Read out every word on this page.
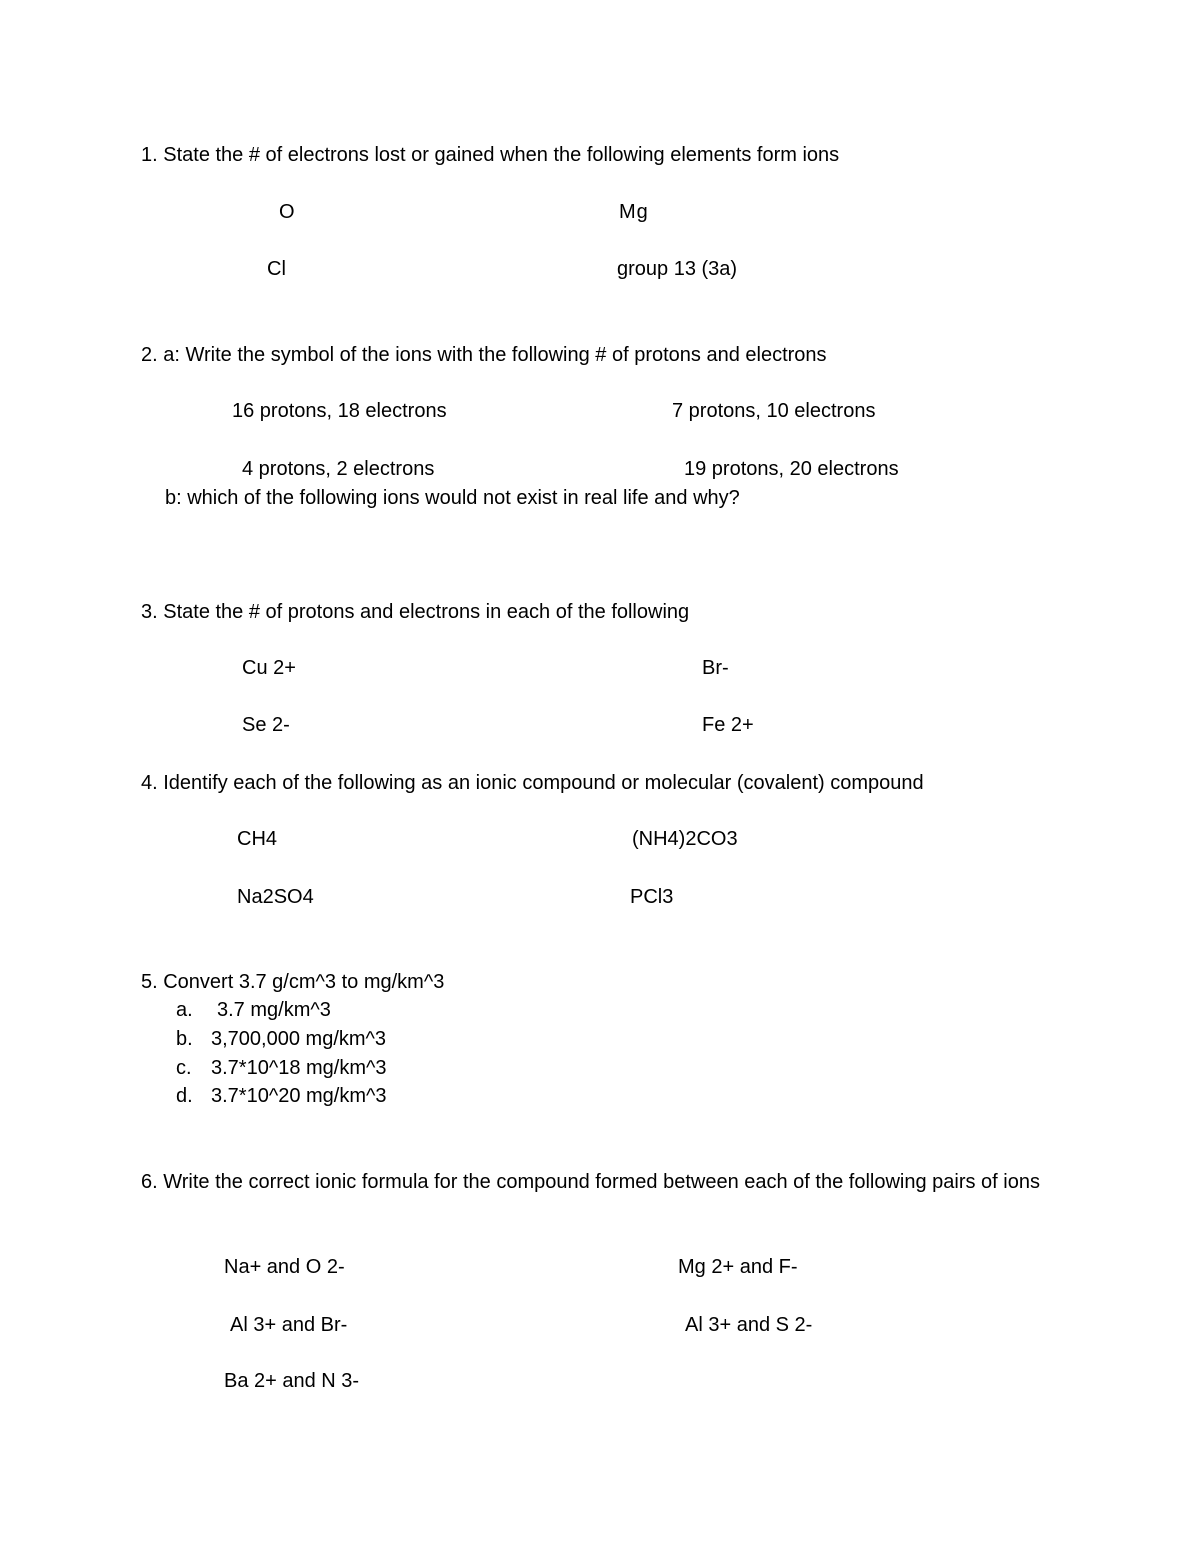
1. State the # of electrons lost or gained when the following elements form ions
O	Mg
Cl	group 13 (3a)
2. a: Write the symbol of the ions with the following # of protons and electrons
16 protons, 18 electrons	7 protons, 10 electrons
4 protons, 2 electrons	19 protons, 20 electrons
b: which of the following ions would not exist in real life and why?
3. State the # of protons and electrons in each of the following
Cu 2+	Br-
Se 2-	Fe 2+
4. Identify each of the following as an ionic compound or molecular (covalent) compound
CH4	(NH4)2CO3
Na2SO4	PCl3
5. Convert 3.7 g/cm^3 to mg/km^3
a. 3.7 mg/km^3
b. 3,700,000 mg/km^3
c. 3.7*10^18 mg/km^3
d. 3.7*10^20 mg/km^3
6. Write the correct ionic formula for the compound formed between each of the following pairs of ions
Na+ and O 2-	Mg 2+ and F-
Al 3+ and Br-	Al 3+ and S 2-
Ba 2+ and N 3-
